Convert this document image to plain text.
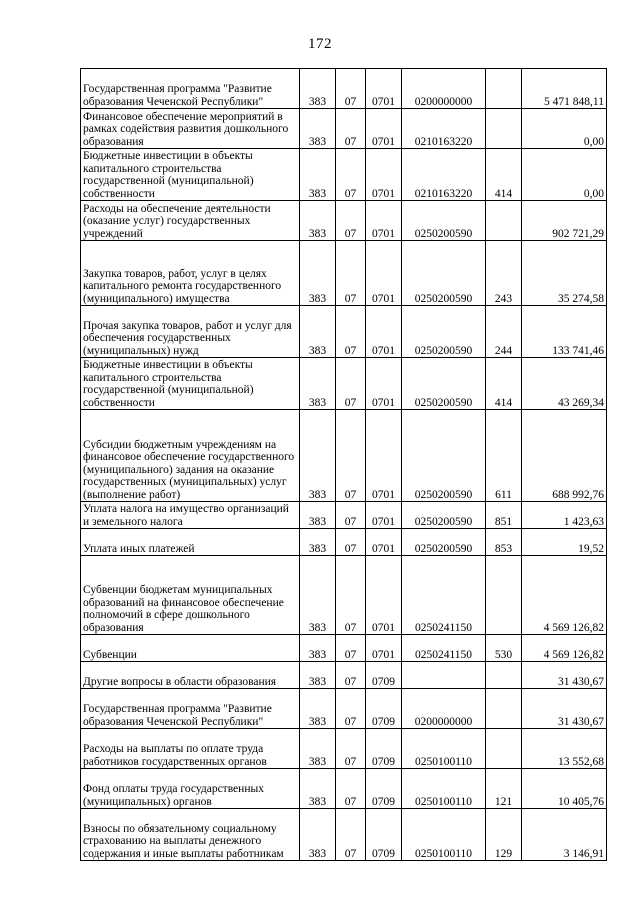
172
Государственная программа "Развитие образования Чеченской Республики"	383	07	0701	0200000000		5 471 848,11
Финансовое обеспечение мероприятий в рамках содействия развития дошкольного образования	383	07	0701	0210163220		0,00
Бюджетные инвестиции в объекты капитального строительства государственной (муниципальной) собственности	383	07	0701	0210163220	414	0,00
Расходы на обеспечение деятельности (оказание услуг) государственных учреждений	383	07	0701	0250200590		902 721,29
Закупка товаров, работ, услуг в целях капитального ремонта государственного (муниципального) имущества	383	07	0701	0250200590	243	35 274,58
Прочая закупка товаров, работ и услуг для обеспечения государственных (муниципальных) нужд	383	07	0701	0250200590	244	133 741,46
Бюджетные инвестиции в объекты капитального строительства государственной (муниципальной) собственности	383	07	0701	0250200590	414	43 269,34
Субсидии бюджетным учреждениям на финансовое обеспечение государственного (муниципального) задания на оказание государственных (муниципальных) услуг (выполнение работ)	383	07	0701	0250200590	611	688 992,76
Уплата налога на имущество организаций и земельного налога	383	07	0701	0250200590	851	1 423,63
Уплата иных платежей	383	07	0701	0250200590	853	19,52
Субвенции бюджетам муниципальных образований на финансовое обеспечение полномочий в сфере дошкольного образования	383	07	0701	0250241150		4 569 126,82
Субвенции	383	07	0701	0250241150	530	4 569 126,82
Другие вопросы в области образования	383	07	0709			31 430,67
Государственная программа "Развитие образования Чеченской Республики"	383	07	0709	0200000000		31 430,67
Расходы на выплаты по оплате труда работников государственных органов	383	07	0709	0250100110		13 552,68
Фонд оплаты труда государственных (муниципальных) органов	383	07	0709	0250100110	121	10 405,76
Взносы по обязательному социальному страхованию на выплаты денежного содержания и иные выплаты работникам	383	07	0709	0250100110	129	3 146,91
